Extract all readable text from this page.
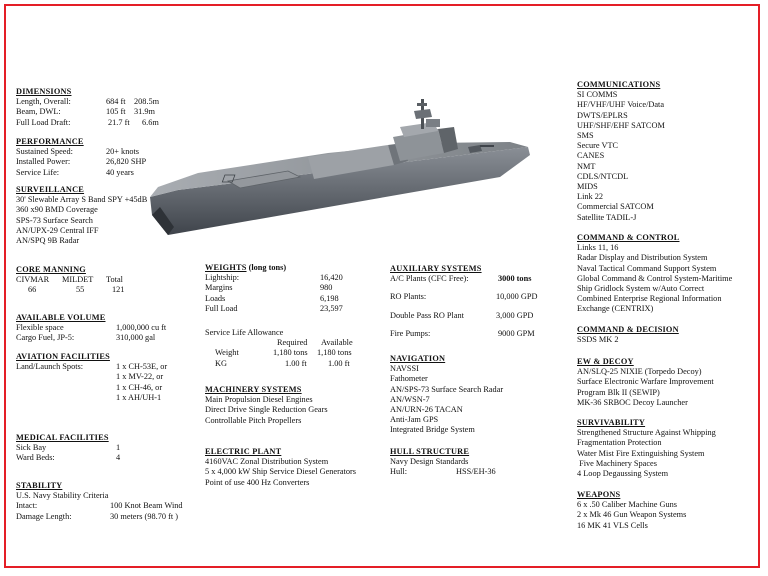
DIMENSIONS
Length, Overall:	684 ft 208.5m
Beam, DWL:	105 ft 31.9m
Full Load Draft:	21.7 ft 6.6m
PERFORMANCE
Sustained Speed:	20+ knots
Installed Power:	26,820 SHP
Service Life:	40 years
SURVEILLANCE
30' Slewable Array S Band SPY +45dB
360 x90 BMD Coverage
SPS-73 Surface Search
AN/UPX-29 Central IFF
AN/SPQ 9B Radar
CORE MANNING
CIVMAR MILDET Total
66	55	121
AVAILABLE VOLUME
Flexible space	1,000,000 cu ft
Cargo Fuel, JP-5:	310,000 gal
AVIATION FACILITIES
Land/Launch Spots:	1 x CH-53E, or
1 x MV-22, or
1 x CH-46, or
1 x AH/UH-1
MEDICAL FACILITIES
Sick Bay	1
Ward Beds:	4
STABILITY
U.S. Navy Stability Criteria
Intact:	100 Knot Beam Wind
Damage Length:	30 meters (98.70 ft )
WEIGHTS (long tons)
Lightship:	16,420
Margins	980
Loads	6,198
Full Load	23,597
Service Life Allowance
Required Available
Weight	1,180 tons 1,180 tons
KG	1.00 ft	1.00 ft
MACHINERY SYSTEMS
Main Propulsion Diesel Engines
Direct Drive Single Reduction Gears
Controllable Pitch Propellers
ELECTRIC PLANT
4160VAC Zonal Distribution System
5 x 4,000 kW Ship Service Diesel Generators
Point of use 400 Hz Converters
AUXILIARY SYSTEMS
A/C Plants (CFC Free):	3000 tons
RO Plants:	10,000 GPD
Double Pass RO Plant	3,000 GPD
Fire Pumps:	9000 GPM
NAVIGATION
NAVSSI
Fathometer
AN/SPS-73 Surface Search Radar
AN/WSN-7
AN/URN-26 TACAN
Anti-Jam GPS
Integrated Bridge System
HULL STRUCTURE
Navy Design Standards
Hull:	HSS/EH-36
COMMUNICATIONS
SI COMMS
HF/VHF/UHF Voice/Data
DWTS/EPLRS
UHF/SHF/EHF SATCOM
SMS
Secure VTC
CANES
NMT
CDLS/NTCDL
MIDS
Link 22
Commercial SATCOM
Satellite TADIL-J
COMMAND & CONTROL
Links 11, 16
Radar Display and Distribution System
Naval Tactical Command Support System
Global Command & Control System-Maritime
Ship Gridlock System w/Auto Correct
Combined Enterprise Regional Information
Exchange (CENTRIX)
COMMAND & DECISION
SSDS MK 2
EW & DECOY
AN/SLQ-25 NIXIE (Torpedo Decoy)
Surface Electronic Warfare Improvement
Program Blk II (SEWIP)
MK-36 SRBOC Decoy Launcher
SURVIVABILITY
Strengthened Structure Against Whipping
Fragmentation Protection
Water Mist Fire Extinguishing System
Five Machinery Spaces
4 Loop Degaussing System
WEAPONS
6 x .50 Caliber Machine Guns
2 x Mk 46 Gun Weapon Systems
16 MK 41 VLS Cells
